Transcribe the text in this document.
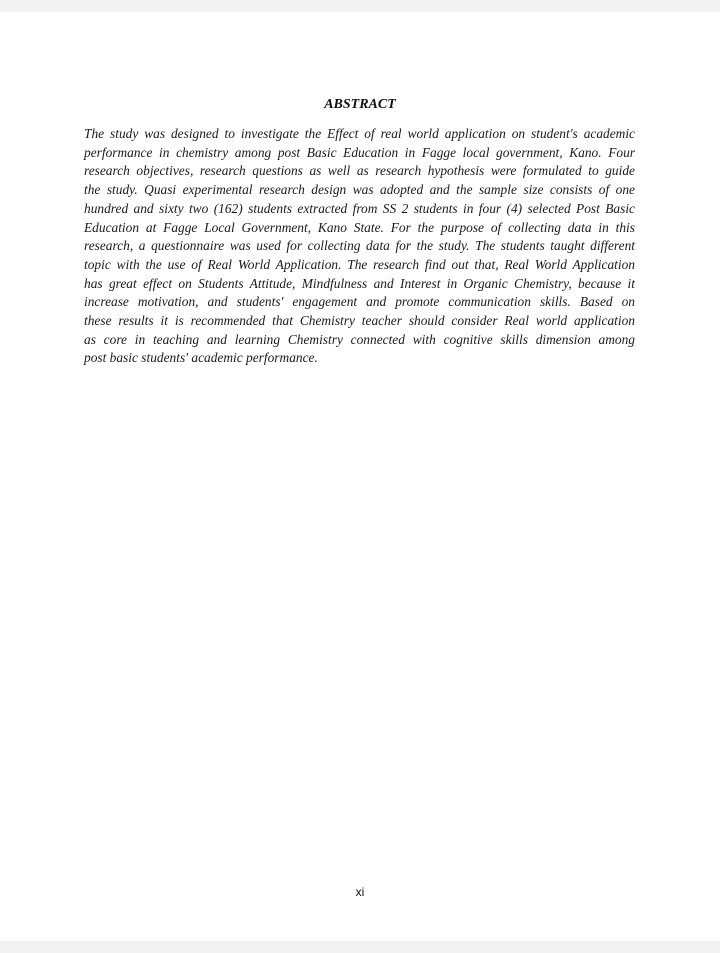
ABSTRACT

The study was designed to investigate the Effect of real world application on student's academic
performance in chemistry among post Basic Education in Fagge local government, Kano. Four
research objectives, research questions as well as research hypothesis were formulated to guide
the study. Quasi experimental research design was adopted and the sample size consists of one
hundred and sixty two (162) students extracted from SS 2 students in four (4) selected Post Basic
Education at Fagge Local Government, Kano State. For the purpose of collecting data in this
research, a questionnaire was used for collecting data for the study. The students taught different
topic with the use of Real World Application. The research find out that, Real World Application
has great effect on Students Attitude, Mindfulness and Interest in Organic Chemistry, because it
increase motivation, and students' engagement and promote communication skills. Based on
these results it is recommended that Chemistry teacher should consider Real world application
as core in teaching and learning Chemistry connected with cognitive skills dimension among
post basic students' academic performance.

xi
